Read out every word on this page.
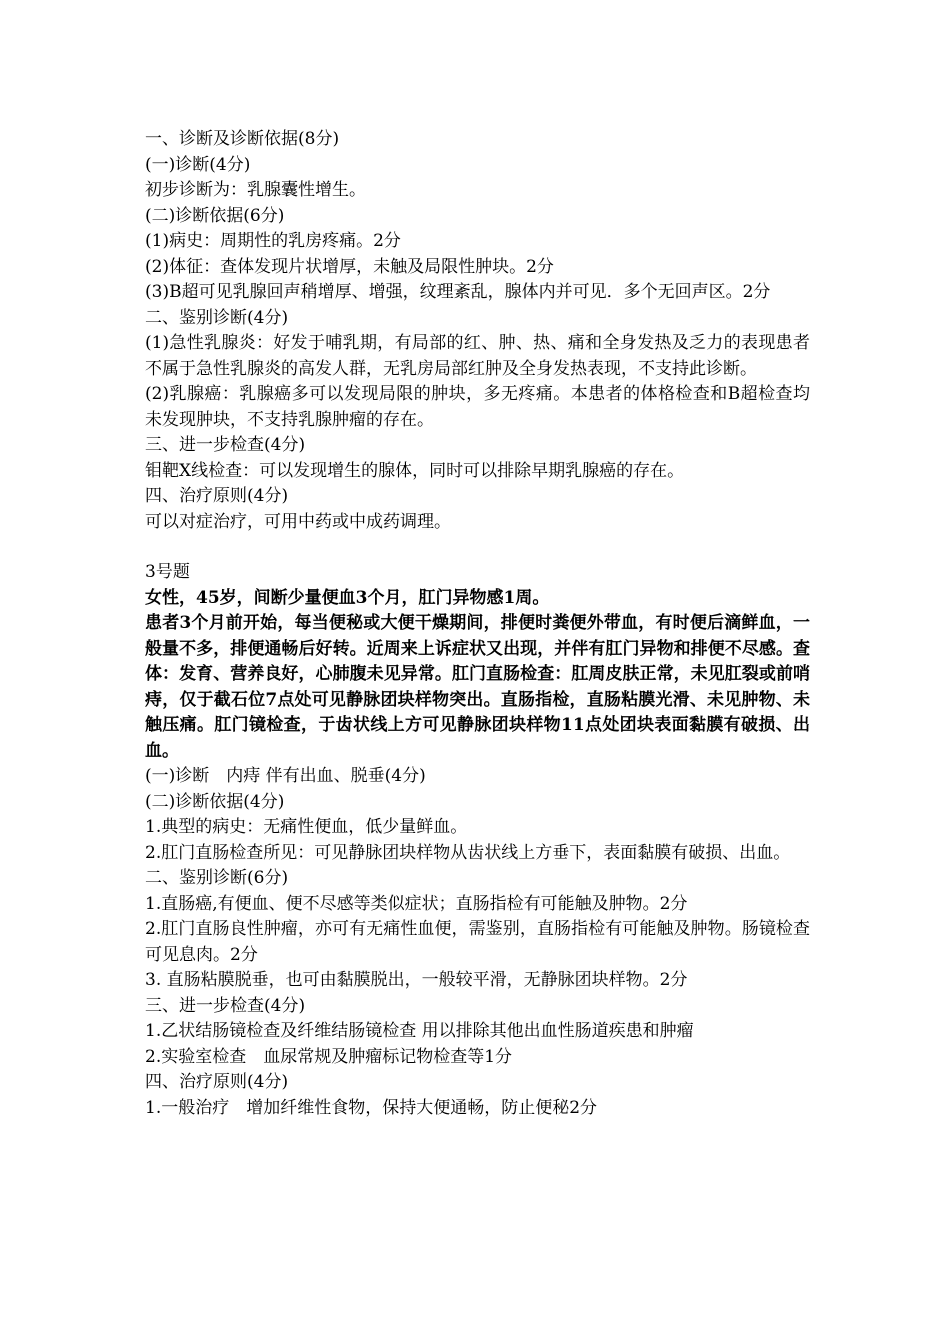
一、诊断及诊断依据(8分)

(一)诊断(4分)

初步诊断为：乳腺囊性增生。

(二)诊断依据(6分)

(1)病史：周期性的乳房疼痛。2分

(2)体征：查体发现片状增厚，未触及局限性肿块。2分

(3)B超可见乳腺回声稍增厚、增强，纹理紊乱，腺体内并可见．多个无回声区。2分

二、鉴别诊断(4分)

(1)急性乳腺炎：好发于哺乳期，有局部的红、肿、热、痛和全身发热及乏力的表现患者不属于急性乳腺炎的高发人群，无乳房局部红肿及全身发热表现，不支持此诊断。

(2)乳腺癌：乳腺癌多可以发现局限的肿块，多无疼痛。本患者的体格检查和B超检查均未发现肿块，不支持乳腺肿瘤的存在。

三、进一步检查(4分)

钼靶X线检查：可以发现增生的腺体，同时可以排除早期乳腺癌的存在。

四、治疗原则(4分)

可以对症治疗，可用中药或中成药调理。

3号题

女性，45岁，间断少量便血3个月，肛门异物感1周。

患者3个月前开始，每当便秘或大便干燥期间，排便时粪便外带血，有时便后滴鲜血，一般量不多，排便通畅后好转。近周来上诉症状又出现，并伴有肛门异物和排便不尽感。查体：发育、营养良好，心肺腹未见异常。肛门直肠检查：肛周皮肤正常，未见肛裂或前哨痔，仅于截石位7点处可见静脉团块样物突出。直肠指检，直肠粘膜光滑、未见肿物、未触压痛。肛门镜检查，于齿状线上方可见静脉团块样物11点处团块表面黏膜有破损、出血。

(一)诊断　内痔 伴有出血、脱垂(4分)

(二)诊断依据(4分)

1.典型的病史：无痛性便血，低少量鲜血。

2.肛门直肠检查所见：可见静脉团块样物从齿状线上方垂下，表面黏膜有破损、出血。

二、鉴别诊断(6分)

1.直肠癌,有便血、便不尽感等类似症状；直肠指检有可能触及肿物。2分

2.肛门直肠良性肿瘤，亦可有无痛性血便，需鉴别，直肠指检有可能触及肿物。肠镜检查可见息肉。2分

3. 直肠粘膜脱垂，也可由黏膜脱出，一般较平滑，无静脉团块样物。2分

三、进一步检查(4分)

1.乙状结肠镜检查及纤维结肠镜检查 用以排除其他出血性肠道疾患和肿瘤

2.实验室检查　血尿常规及肿瘤标记物检查等1分

四、治疗原则(4分)

1.一般治疗　增加纤维性食物，保持大便通畅，防止便秘2分
